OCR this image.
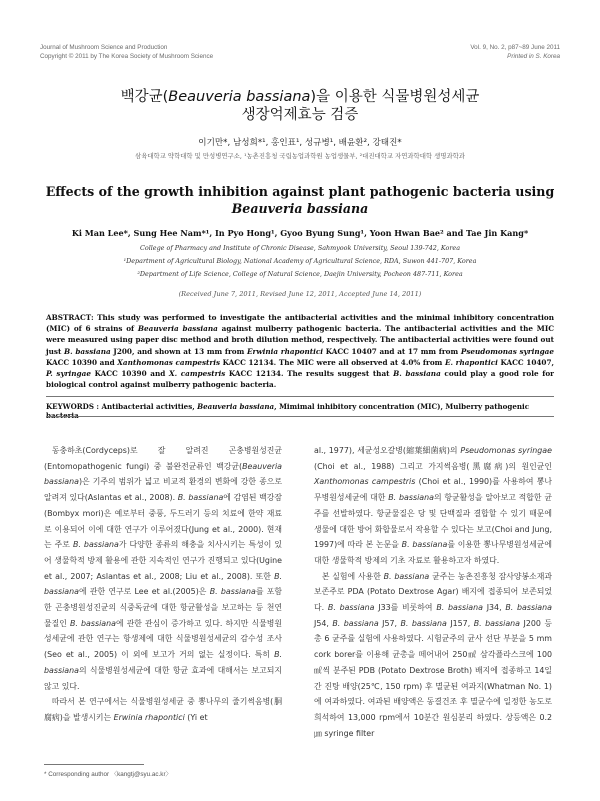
Journal of Mushroom Science and Production
Copyright © 2011 by The Korea Society of Mushroom Science
Vol. 9, No. 2, p87~89 June 2011
Printed in S. Korea
백강균(Beauveria bassiana)을 이용한 식물병원성세균
생장억제효능 검증
이기만*, 남성희*¹, 홍인표¹, 성규병¹, 배윤환², 강태진*
삼육대학교 약학대학 및 만성병연구소, ¹농촌진흥청 국립농업과학원 농업생물부, ²대진대학교 자연과학대학 생명과학과
Effects of the growth inhibition against plant pathogenic bacteria using
Beauveria bassiana
Ki Man Lee*, Sung Hee Nam*¹, In Pyo Hong¹, Gyoo Byung Sung¹, Yoon Hwan Bae² and Tae Jin Kang*
College of Pharmacy and Institute of Chronic Disease, Sahmyook University, Seoul 139-742, Korea
¹Department of Agricultural Biology, National Academy of Agricultural Science, RDA, Suwon 441-707, Korea
²Department of Life Science, College of Natural Science, Daejin University, Pocheon 487-711, Korea
(Received June 7, 2011, Revised June 12, 2011, Accepted June 14, 2011)
ABSTRACT: This study was performed to investigate the antibacterial activities and the minimal inhibitory concentration (MIC) of 6 strains of Beauveria bassiana against mulberry pathogenic bacteria. The antibacterial activities and the MIC were measured using paper disc method and broth dilution method, respectively. The antibacterial activities were found out just B. bassiana J200, and shown at 13 mm from Erwinia rhapontici KACC 10407 and at 17 mm from Pseudomonas syringae KACC 10390 and Xanthomonas campestris KACC 12134. The MIC were all observed at 4.0% from E. rhapontici KACC 10407, P. syringae KACC 10390 and X. campestris KACC 12134. The results suggest that B. bassiana could play a good role for biological control against mulberry pathogenic bacteria.
KEYWORDS : Antibacterial activities, Beauveria bassiana, Mimimal inhibitory concentration (MIC), Mulberry pathogenic bacteria

동충하초(Cordyceps)로 잘 알려진 곤충병원성진균 (Entomopathogenic fungi) 중 불완전균류인 백강균(Beauveria bassiana)은 기주의 범위가 넓고 비교적 환경의 변화에 강한 종으로 알려져 있다(Aslantas et al., 2008). B. bassiana에 감염된 백강잠(Bombyx mori)은 예로부터 중풍, 두드러기 등의 치료에 한약 재료로 이용되어 이에 대한 연구가 이루어졌다(Jung et al., 2000). 현재는 주로 B. bassiana가 다양한 종류의 해충을 치사시키는 특성이 있어 생물학적 방제 활용에 관한 지속적인 연구가 진행되고 있다(Ugine et al., 2007; Aslantas et al., 2008; Liu et al., 2008). 또한 B. bassiana에 관한 연구로 Lee et al.(2005)은 B. bassiana를 포함한 곤충병원성진균의 식중독균에 대한 항균활성을 보고하는 등 천연물질인 B. bassiana에 관한 관심이 증가하고 있다. 하지만 식물병원성세균에 관한 연구는 항생제에 대한 식물병원성세균의 감수성 조사(Seo et al., 2005) 이 외에 보고가 거의 없는 실정이다. 특히 B. bassiana의 식물병원성세균에 대한 항균 효과에 대해서는 보고되지 않고 있다.

따라서 본 연구에서는 식물병원성세균 중 뽕나무의 줄기썩음병(胴腐病)을 발생시키는 Erwinia rhapontici (Yi et

al., 1977), 세균성오갈병(縮葉細菌病)의 Pseudomonas syringae (Choi et al., 1988) 그리고 가지썩음병(黑腐病)의 원인균인 Xanthomonas campestris (Choi et al., 1990)를 사용하여 뽕나무병원성세균에 대한 B. bassiana의 항균활성을 알아보고 적합한 균주를 선발하였다. 항균물질은 당 및 단백질과 결합할 수 있기 때문에 생물에 대한 방어 화합물로서 작용할 수 있다는 보고(Choi and Jung, 1997)에 따라 본 논문을 B. bassiana를 이용한 뽕나무병원성세균에 대한 생물학적 방제의 기초 자료로 활용하고자 하였다.

본 실험에 사용한 B. bassiana 균주는 농촌진흥청 잠사양봉소재과 보존주로 PDA (Potato Dextrose Agar) 배지에 접종되어 보존되었다. B. bassiana J33를 비롯하여 B. bassiana J34, B. bassiana J54, B. bassiana J57, B. bassiana J157, B. bassiana J200 등 총 6 균주를 실험에 사용하였다. 시험균주의 균사 선단 부분을 5 mm cork borer를 이용해 균총을 떼어내어 250㎖ 삼각플라스크에 100㎖씩 분주된 PDB (Potato Dextrose Broth) 배지에 접종하고 14일간 진탕 배양(25℃, 150 rpm) 후 멸균된 여과지(Whatman No. 1)에 여과하였다. 여과된 배양액은 동결건조 후 멸균수에 일정한 농도로 희석하여 13,000 rpm에서 10분간 원심분리 하였다. 상등액은 0.2㎛ syringe filter

* Corresponding author 〈kangtj@syu.ac.kr〉
